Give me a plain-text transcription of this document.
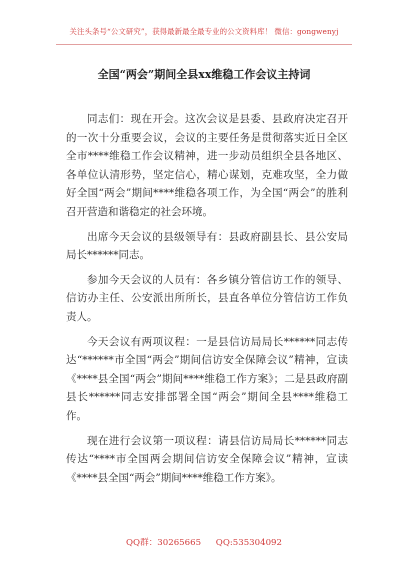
关注头条号“公文研究”，获得最新最全最专业的公文资料库！ 微信：gongwenyj
全国“两会”期间全县xx维稳工作会议主持词

同志们：现在开会。这次会议是县委、县政府决定召开的一次十分重要会议，会议的主要任务是贯彻落实近日全区全市****维稳工作会议精神，进一步动员组织全县各地区、各单位认清形势，坚定信心，精心谋划，克难攻坚，全力做好全国“两会”期间****维稳各项工作，为全国“两会”的胜利召开营造和谐稳定的社会环境。

出席今天会议的县级领导有：县政府副县长、县公安局局长******同志。

参加今天会议的人员有：各乡镇分管信访工作的领导、信访办主任、公安派出所所长，县直各单位分管信访工作负责人。

今天会议有两项议程：一是县信访局局长******同志传达“******市全国“两会”期间信访安全保障会议”精神，宣读《****县全国“两会”期间****维稳工作方案》；二是县政府副县长******同志安排部署全国“两会”期间全县****维稳工作。

现在进行会议第一项议程：请县信访局局长******同志传达“****市全国两会期间信访安全保障会议”精神，宣读《****县全国“两会”期间****维稳工作方案》。

QQ群：30265665 QQ:535304092
